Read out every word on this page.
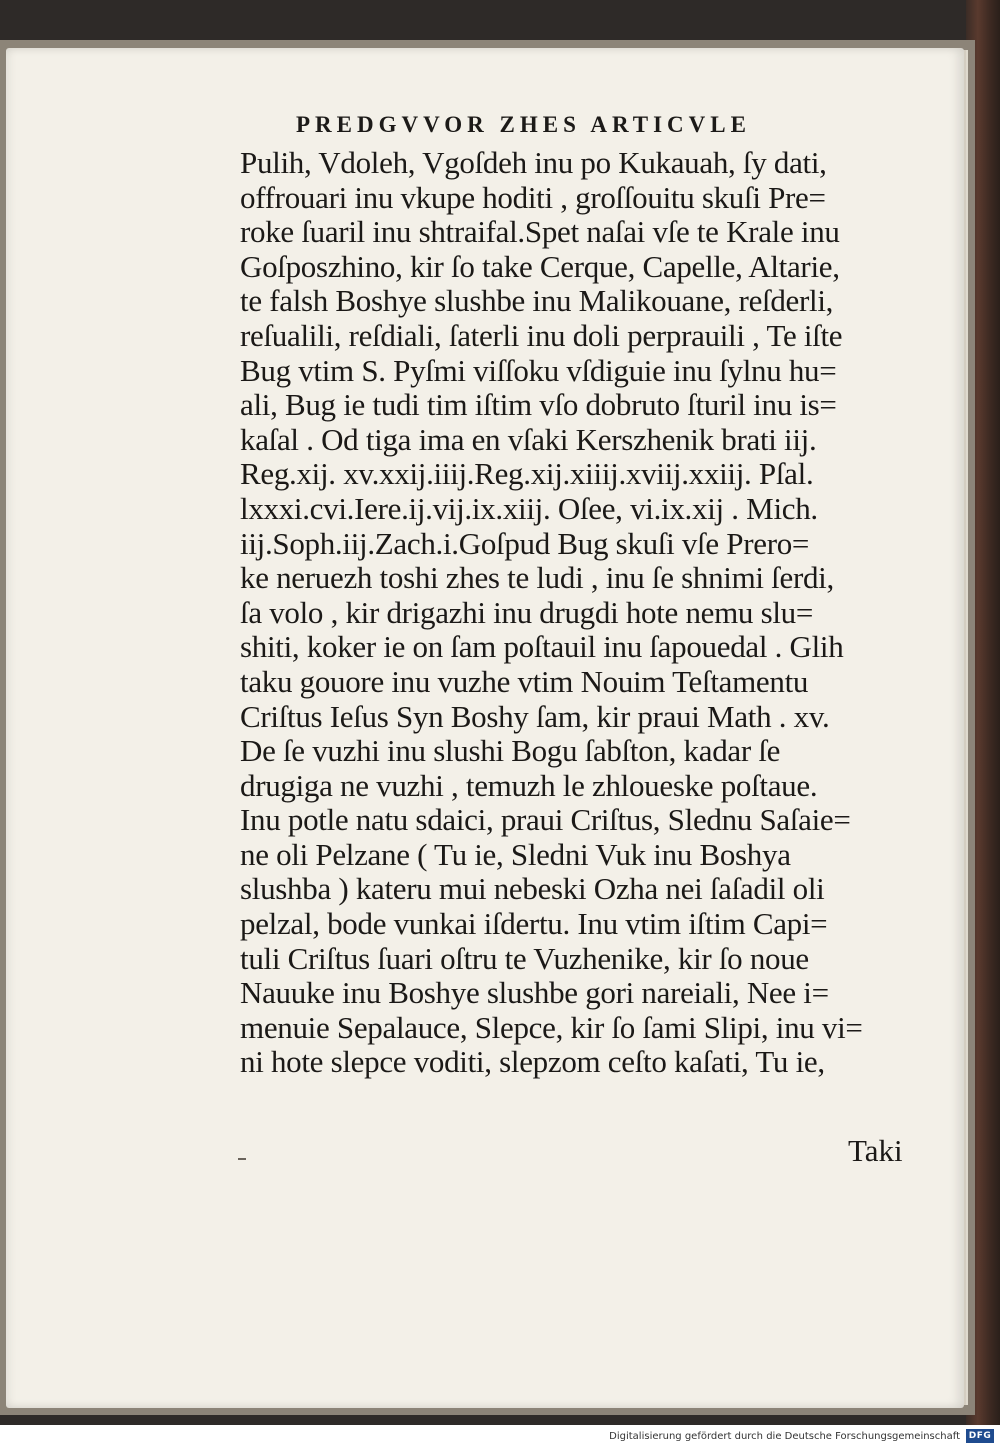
PREDGVVOR ZHES ARTICVLE
Pulih, Vdoleh, Vgoſdeh inu po Kukauah, ſy dati,
offrouari inu vkupe hoditi , groſſouitu skuſi Pre=
roke ſuaril inu shtraifal.Spet naſai vſe te Krale inu
Goſposzhino, kir ſo take Cerque, Capelle, Altarie,
te falsh Boshye slushbe inu Malikouane, reſderli,
reſualili, reſdiali, ſaterli inu doli perprauili , Te iſte
Bug vtim S. Pyſmi viſſoku vſdiguie inu ſylnu hu=
ali, Bug ie tudi tim iſtim vſo dobruto ſturil inu is=
kaſal . Od tiga ima en vſaki Kerszhenik brati iij.
Reg.xij. xv.xxij.iiij.Reg.xij.xiiij.xviij.xxiij. Pſal.
lxxxi.cvi.Iere.ij.vij.ix.xiij. Oſee, vi.ix.xij . Mich.
iij.Soph.iij.Zach.i.Goſpud Bug skuſi vſe Prero=
ke neruezh toshi zhes te ludi , inu ſe shnimi ſerdi,
ſa volo , kir drigazhi inu drugdi hote nemu slu=
shiti, koker ie on ſam poſtauil inu ſapouedal . Glih
taku gouore inu vuzhe vtim Nouim Teſtamentu
Criſtus Ieſus Syn Boshy ſam, kir praui Math . xv.
De ſe vuzhi inu slushi Bogu ſabſton, kadar ſe
drugiga ne vuzhi , temuzh le zhloueske poſtaue.
Inu potle natu sdaici, praui Criſtus, Slednu Saſaie=
ne oli Pelzane ( Tu ie, Sledni Vuk inu Boshya
slushba ) kateru mui nebeski Ozha nei ſaſadil oli
pelzal, bode vunkai iſdertu. Inu vtim iſtim Capi=
tuli Criſtus ſuari oſtru te Vuzhenike, kir ſo noue
Nauuke inu Boshye slushbe gori nareiali, Nee i=
menuie Sepalauce, Slepce, kir ſo ſami Slipi, inu vi=
ni hote slepce voditi, slepzom ceſto kaſati, Tu ie,
Taki
Digitalisierung gefördert durch die Deutsche Forschungsgemeinschaft DFG
